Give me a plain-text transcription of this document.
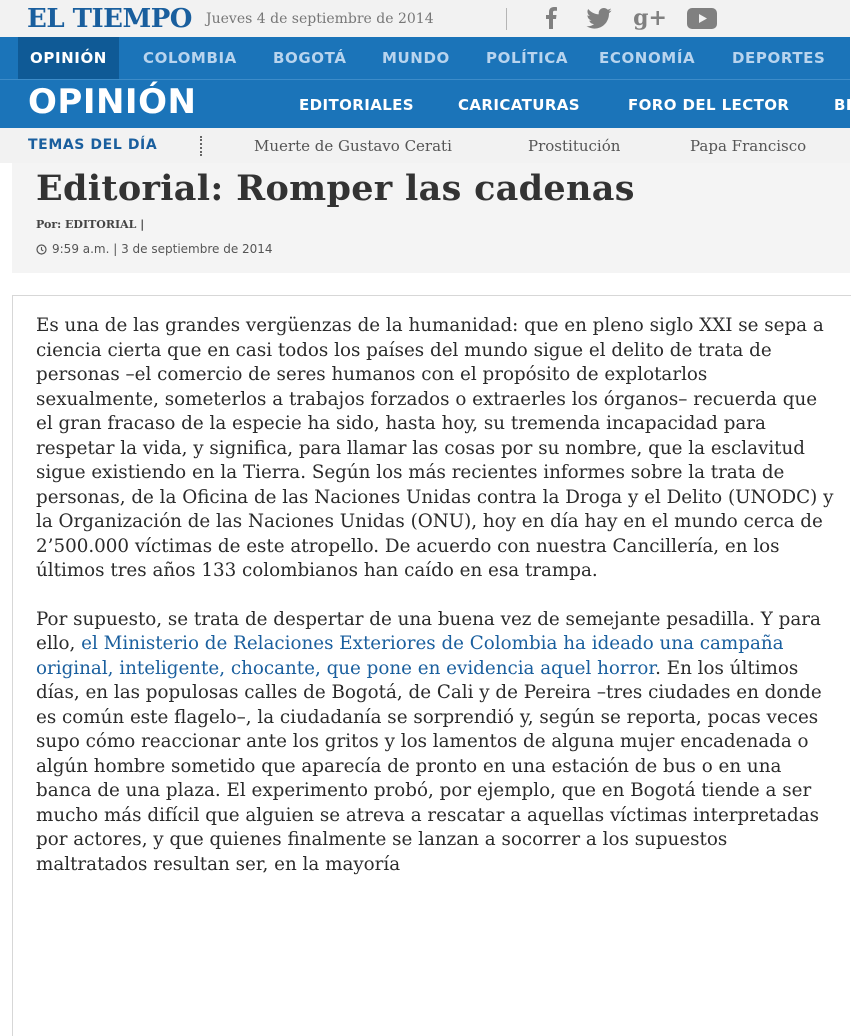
EL TIEMPO Jueves 4 de septiembre de 2014	g+
OPINIÓN	COLOMBIA BOGOTÁ MUNDO POLÍTICA ECONOMÍA DEPORTES
OPINIÓN	EDITORIALES	CARICATURAS	FORO DEL LECTOR	BL
TEMAS DEL DÍA	Muerte de Gustavo Cerati	Prostitución	Papa Francisco
Editorial: Romper las cadenas
Por: EDITORIAL |
9:59 a.m. | 3 de septiembre de 2014

Es una de las grandes vergüenzas de la humanidad: que en pleno siglo XXI se sepa a ciencia cierta que en casi todos los países del mundo sigue el delito de trata de personas –el comercio de seres humanos con el propósito de explotarlos sexualmente, someterlos a trabajos forzados o extraerles los órganos– recuerda que el gran fracaso de la especie ha sido, hasta hoy, su tremenda incapacidad para respetar la vida, y significa, para llamar las cosas por su nombre, que la esclavitud sigue existiendo en la Tierra. Según los más recientes informes sobre la trata de personas, de la Oficina de las Naciones Unidas contra la Droga y el Delito (UNODC) y la Organización de las Naciones Unidas (ONU), hoy en día hay en el mundo cerca de 2’500.000 víctimas de este atropello. De acuerdo con nuestra Cancillería, en los últimos tres años 133 colombianos han caído en esa trampa.

Por supuesto, se trata de despertar de una buena vez de semejante pesadilla. Y para ello, el Ministerio de Relaciones Exteriores de Colombia ha ideado una campaña original, inteligente, chocante, que pone en evidencia aquel horror. En los últimos días, en las populosas calles de Bogotá, de Cali y de Pereira –tres ciudades en donde es común este flagelo–, la ciudadanía se sorprendió y, según se reporta, pocas veces supo cómo reaccionar ante los gritos y los lamentos de alguna mujer encadenada o algún hombre sometido que aparecía de pronto en una estación de bus o en una banca de una plaza. El experimento probó, por ejemplo, que en Bogotá tiende a ser mucho más difícil que alguien se atreva a rescatar a aquellas víctimas interpretadas por actores, y que quienes finalmente se lanzan a socorrer a los supuestos maltratados resultan ser, en la mayoría
